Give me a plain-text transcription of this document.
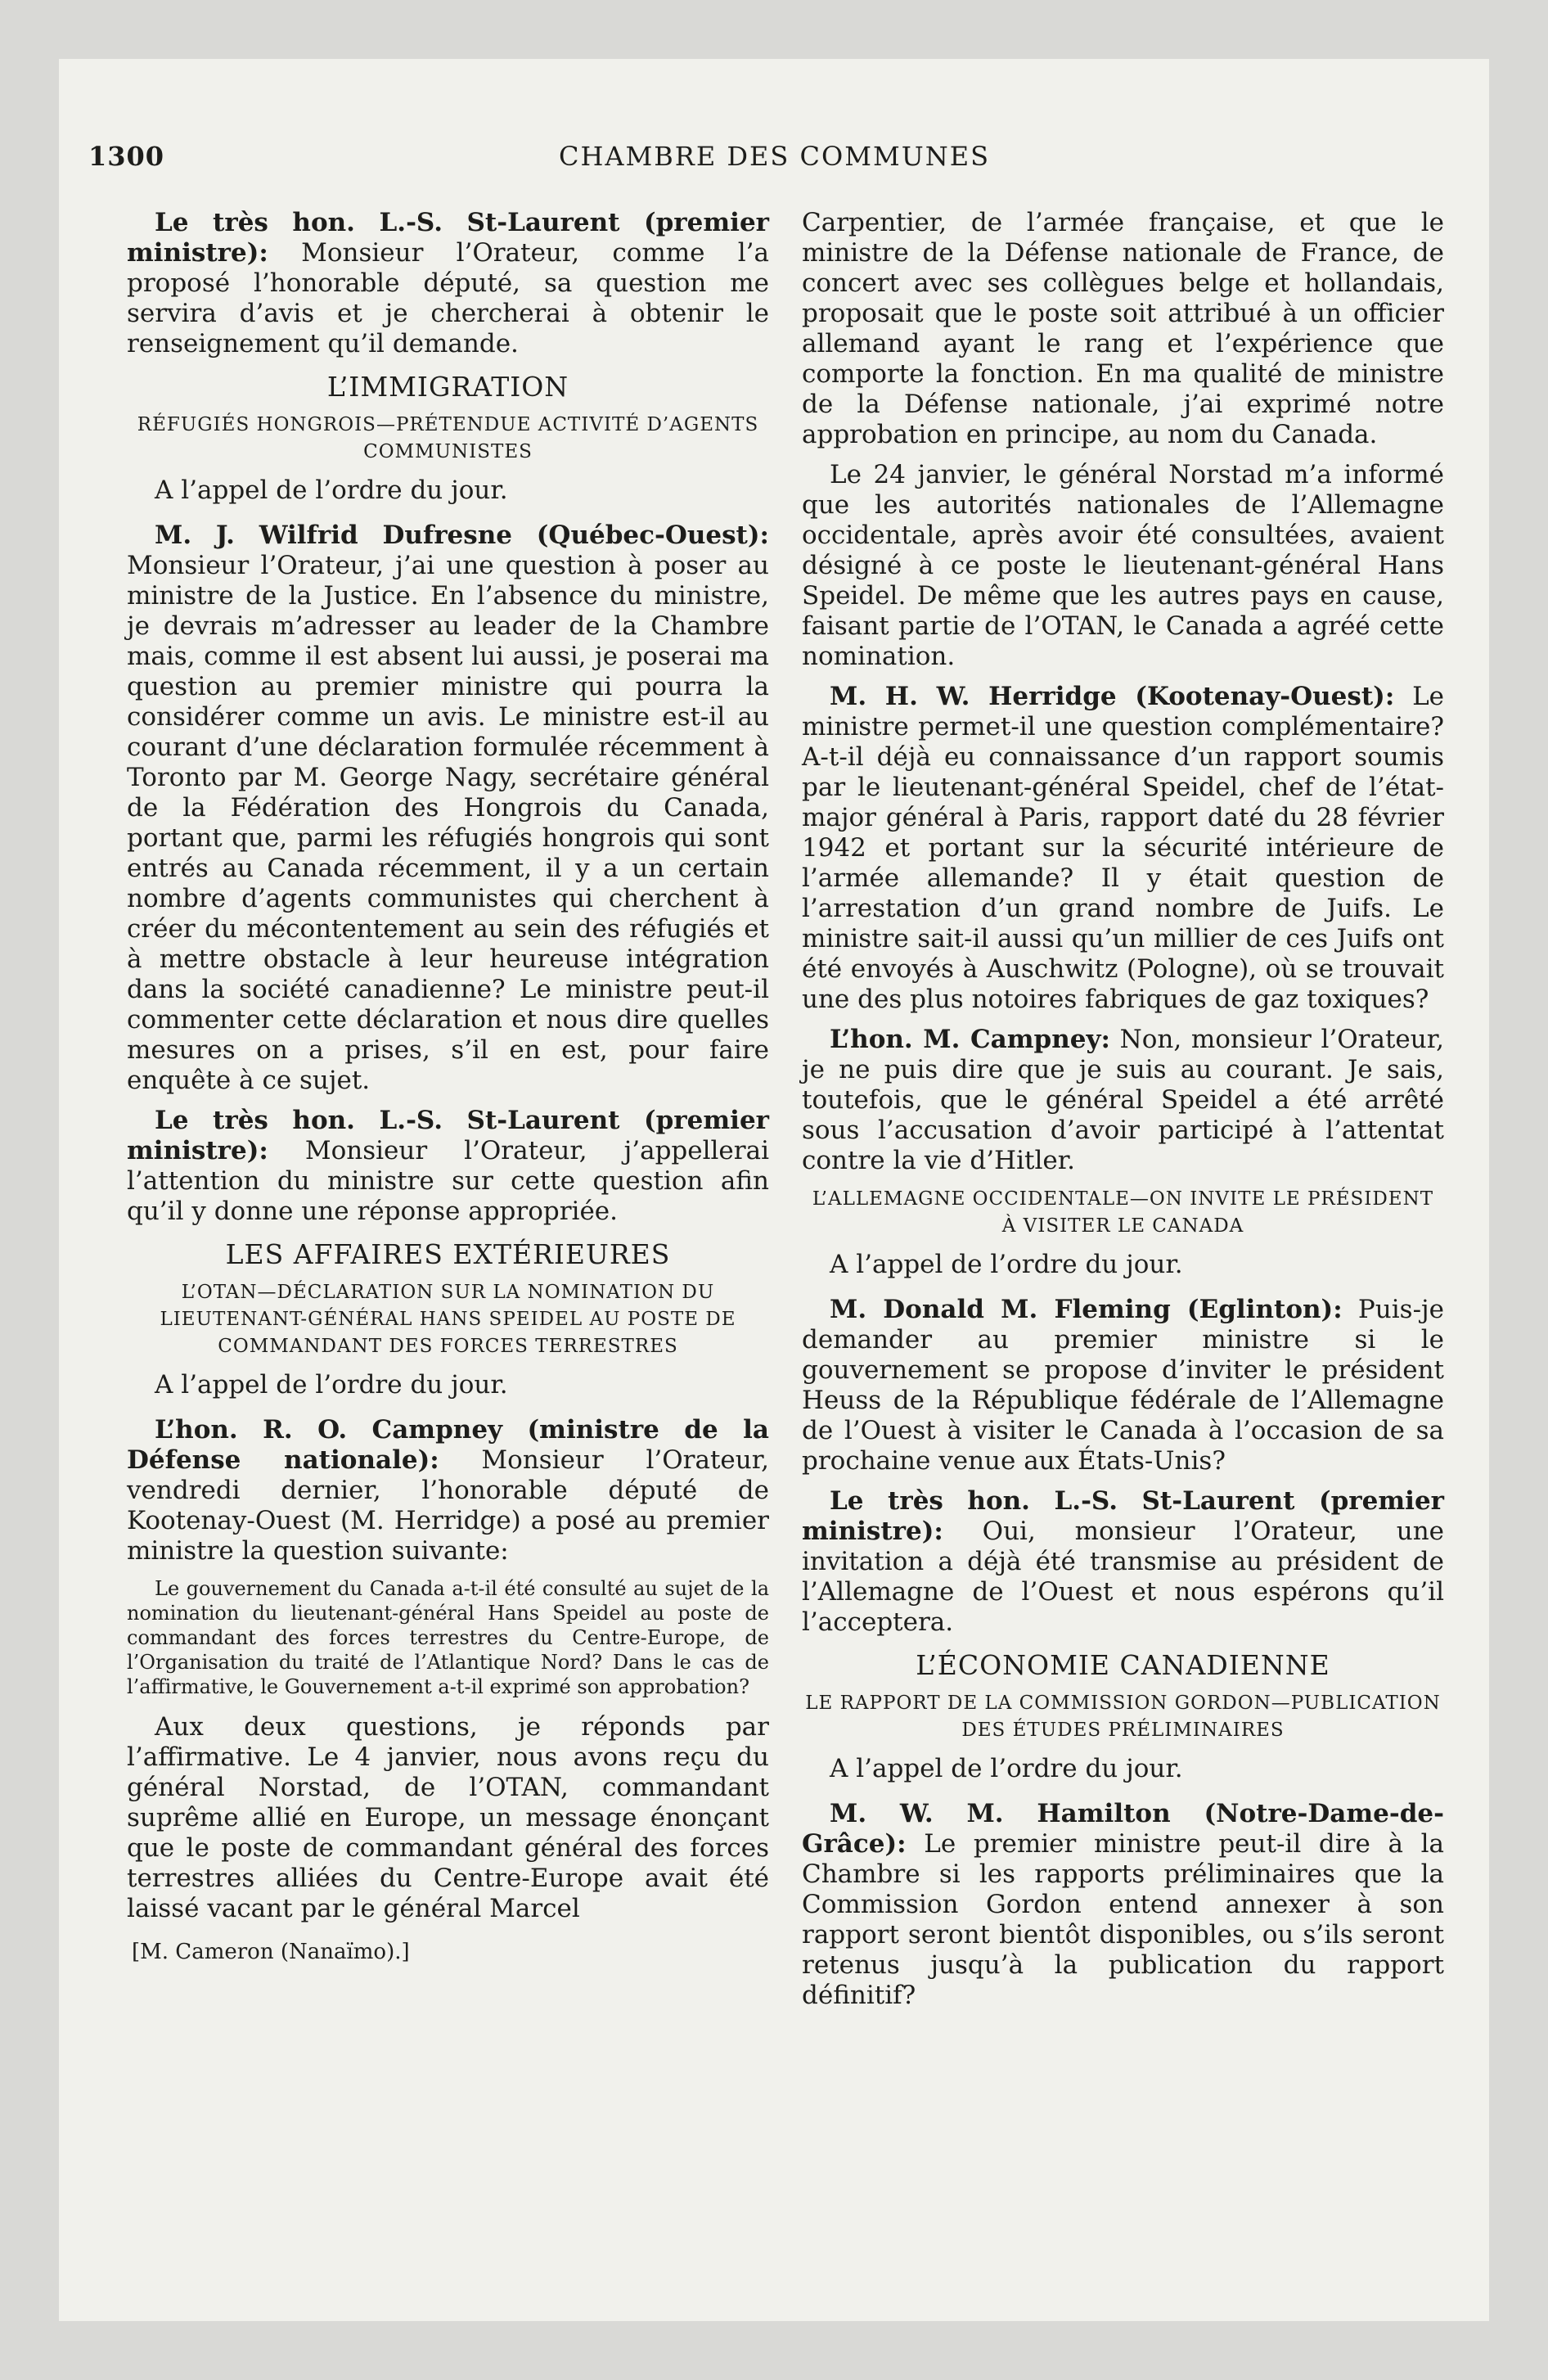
1300	CHAMBRE DES COMMUNES

Le très hon. L.-S. St-Laurent (premier ministre): Monsieur l’Orateur, comme l’a proposé l’honorable député, sa question me servira d’avis et je chercherai à obtenir le renseignement qu’il demande.

L’IMMIGRATION
RÉFUGIÉS HONGROIS—PRÉTENDUE ACTIVITÉ D’AGENTS COMMUNISTES

A l’appel de l’ordre du jour.

M. J. Wilfrid Dufresne (Québec-Ouest): Monsieur l’Orateur, j’ai une question à poser au ministre de la Justice. En l’absence du ministre, je devrais m’adresser au leader de la Chambre mais, comme il est absent lui aussi, je poserai ma question au premier ministre qui pourra la considérer comme un avis. Le ministre est-il au courant d’une déclaration formulée récemment à Toronto par M. George Nagy, secrétaire général de la Fédération des Hongrois du Canada, portant que, parmi les réfugiés hongrois qui sont entrés au Canada récemment, il y a un certain nombre d’agents communistes qui cherchent à créer du mécontentement au sein des réfugiés et à mettre obstacle à leur heureuse intégration dans la société canadienne? Le ministre peut-il commenter cette déclaration et nous dire quelles mesures on a prises, s’il en est, pour faire enquête à ce sujet.

Le très hon. L.-S. St-Laurent (premier ministre): Monsieur l’Orateur, j’appellerai l’attention du ministre sur cette question afin qu’il y donne une réponse appropriée.

LES AFFAIRES EXTÉRIEURES
L’OTAN—DÉCLARATION SUR LA NOMINATION DU LIEUTENANT-GÉNÉRAL HANS SPEIDEL AU POSTE DE COMMANDANT DES FORCES TERRESTRES

A l’appel de l’ordre du jour.

L’hon. R. O. Campney (ministre de la Défense nationale): Monsieur l’Orateur, vendredi dernier, l’honorable député de Kootenay-Ouest (M. Herridge) a posé au premier ministre la question suivante:

Le gouvernement du Canada a-t-il été consulté au sujet de la nomination du lieutenant-général Hans Speidel au poste de commandant des forces terrestres du Centre-Europe, de l’Organisation du traité de l’Atlantique Nord? Dans le cas de l’affirmative, le Gouvernement a-t-il exprimé son approbation?

Aux deux questions, je réponds par l’affirmative. Le 4 janvier, nous avons reçu du général Norstad, de l’OTAN, commandant suprême allié en Europe, un message énonçant que le poste de commandant général des forces terrestres alliées du Centre-Europe avait été laissé vacant par le général Marcel

[M. Cameron (Nanaïmo).]

Carpentier, de l’armée française, et que le ministre de la Défense nationale de France, de concert avec ses collègues belge et hollandais, proposait que le poste soit attribué à un officier allemand ayant le rang et l’expérience que comporte la fonction. En ma qualité de ministre de la Défense nationale, j’ai exprimé notre approbation en principe, au nom du Canada.

Le 24 janvier, le général Norstad m’a informé que les autorités nationales de l’Allemagne occidentale, après avoir été consultées, avaient désigné à ce poste le lieutenant-général Hans Speidel. De même que les autres pays en cause, faisant partie de l’OTAN, le Canada a agréé cette nomination.

M. H. W. Herridge (Kootenay-Ouest): Le ministre permet-il une question complémentaire? A-t-il déjà eu connaissance d’un rapport soumis par le lieutenant-général Speidel, chef de l’état-major général à Paris, rapport daté du 28 février 1942 et portant sur la sécurité intérieure de l’armée allemande? Il y était question de l’arrestation d’un grand nombre de Juifs. Le ministre sait-il aussi qu’un millier de ces Juifs ont été envoyés à Auschwitz (Pologne), où se trouvait une des plus notoires fabriques de gaz toxiques?

L’hon. M. Campney: Non, monsieur l’Orateur, je ne puis dire que je suis au courant. Je sais, toutefois, que le général Speidel a été arrêté sous l’accusation d’avoir participé à l’attentat contre la vie d’Hitler.

L’ALLEMAGNE OCCIDENTALE—ON INVITE LE PRÉSIDENT À VISITER LE CANADA

A l’appel de l’ordre du jour.

M. Donald M. Fleming (Eglinton): Puis-je demander au premier ministre si le gouvernement se propose d’inviter le président Heuss de la République fédérale de l’Allemagne de l’Ouest à visiter le Canada à l’occasion de sa prochaine venue aux États-Unis?

Le très hon. L.-S. St-Laurent (premier ministre): Oui, monsieur l’Orateur, une invitation a déjà été transmise au président de l’Allemagne de l’Ouest et nous espérons qu’il l’acceptera.

L’ÉCONOMIE CANADIENNE
LE RAPPORT DE LA COMMISSION GORDON—PUBLICATION DES ÉTUDES PRÉLIMINAIRES

A l’appel de l’ordre du jour.

M. W. M. Hamilton (Notre-Dame-de-Grâce): Le premier ministre peut-il dire à la Chambre si les rapports préliminaires que la Commission Gordon entend annexer à son rapport seront bientôt disponibles, ou s’ils seront retenus jusqu’à la publication du rapport définitif?
